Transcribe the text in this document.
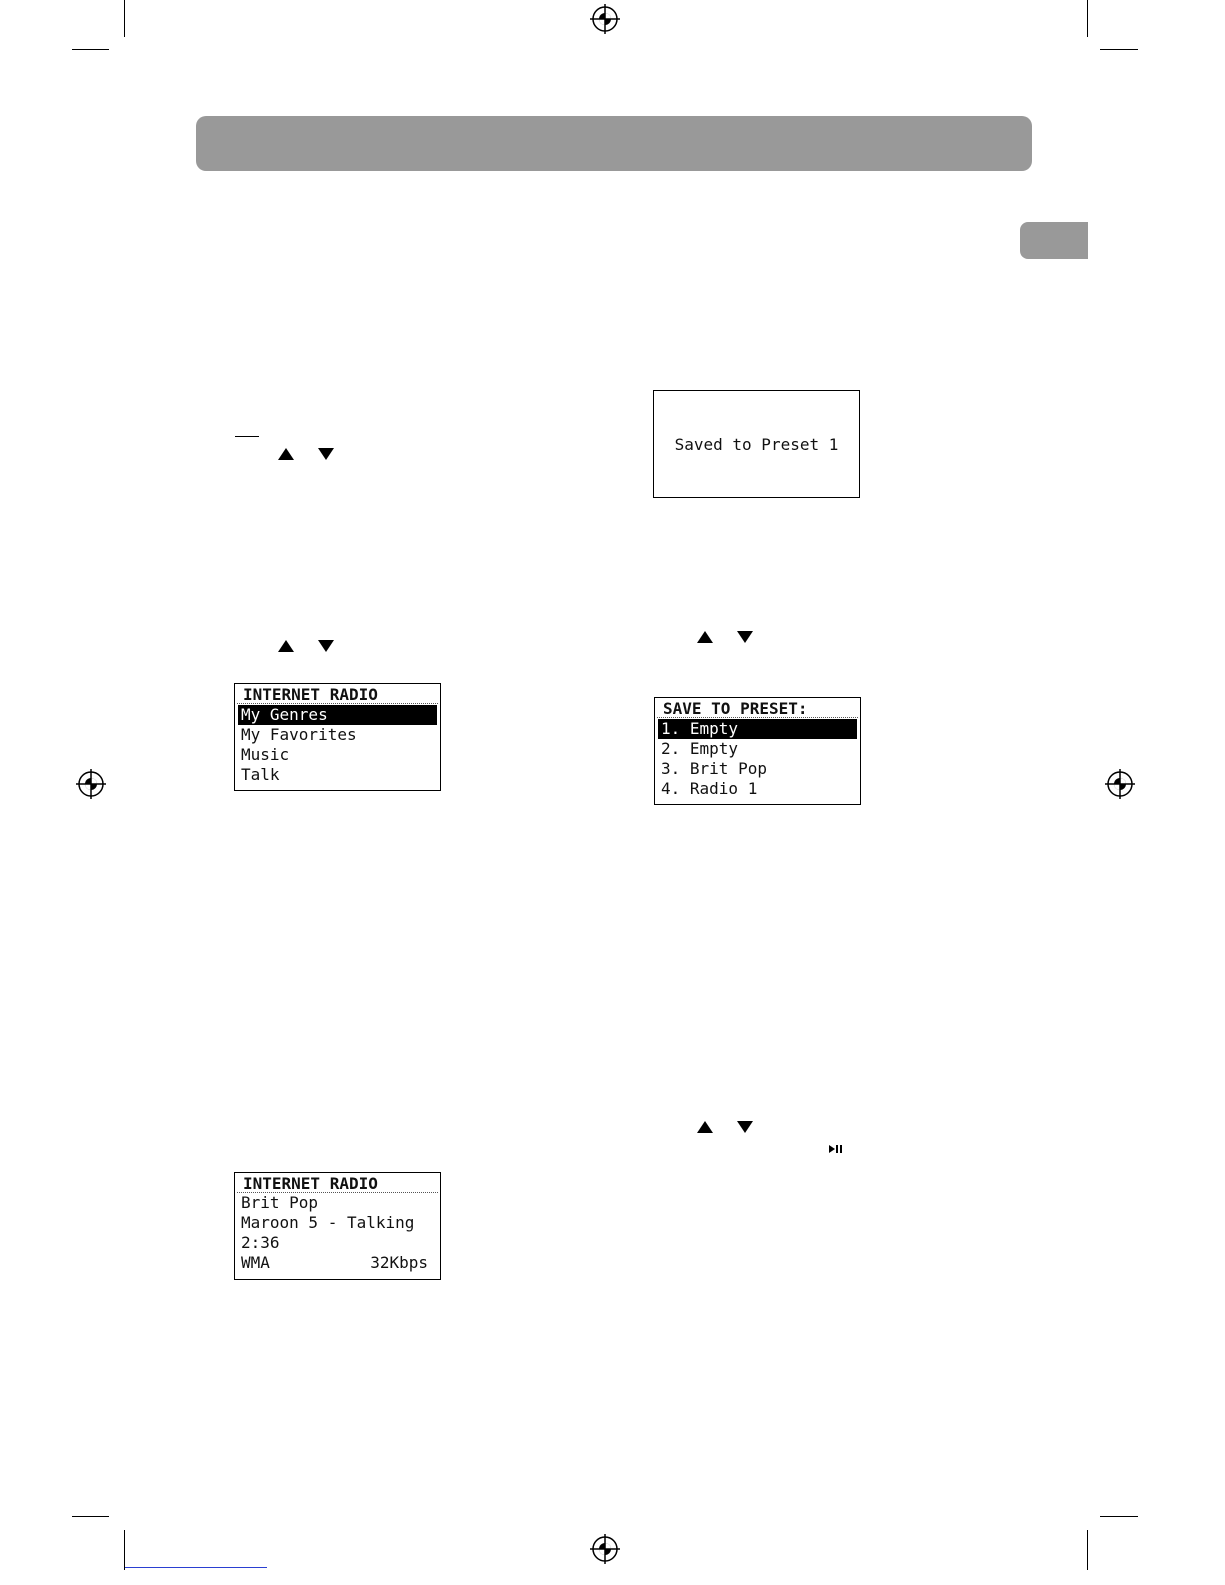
Saved to Preset 1
INTERNET RADIO
My Genres
My Favorites
Music
Talk
SAVE TO PRESET:
1. Empty
2. Empty
3. Brit Pop
4. Radio 1
INTERNET RADIO
Brit Pop
Maroon 5 - Talking
2:36
WMA	32Kbps
